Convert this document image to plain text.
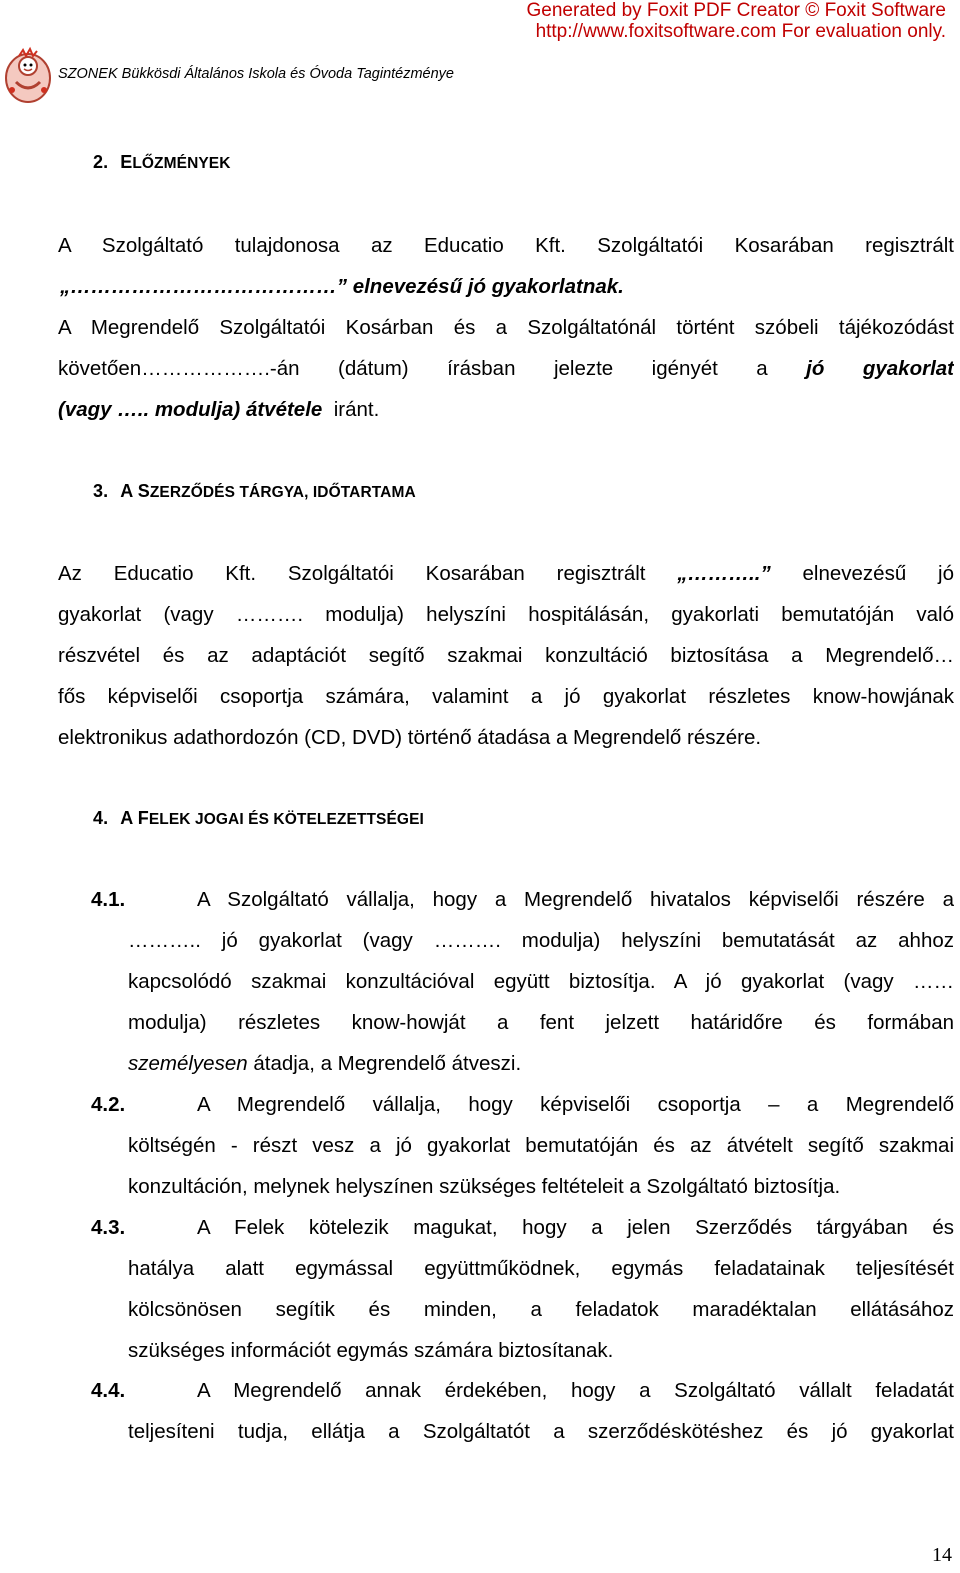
Generated by Foxit PDF Creator © Foxit Software
http://www.foxitsoftware.com For evaluation only.
SZONEK Bükkösdi Általános Iskola és Óvoda Tagintézménye
2. ELŐZMÉNYEK
A Szolgáltató tulajdonosa az Educatio Kft. Szolgáltatói Kosarában regisztrált
„…………………………………” elnevezésű jó gyakorlatnak.
A Megrendelő Szolgáltatói Kosárban és a Szolgáltatónál történt szóbeli tájékozódást
követően……………….-án (dátum) írásban jelezte igényét a jó gyakorlat
(vagy ….. modulja) átvétele iránt.
3. A SZERZŐDÉS TÁRGYA, IDŐTARTAMA
Az Educatio Kft. Szolgáltatói Kosarában regisztrált „………..” elnevezésű jó
gyakorlat (vagy ………. modulja) helyszíni hospitálásán, gyakorlati bemutatóján való
részvétel és az adaptációt segítő szakmai konzultáció biztosítása a Megrendelő…
fős képviselői csoportja számára, valamint a jó gyakorlat részletes know-howjának
elektronikus adathordozón (CD, DVD) történő átadása a Megrendelő részére.
4. A FELEK JOGAI ÉS KÖTELEZETTSÉGEI
4.1.	A Szolgáltató vállalja, hogy a Megrendelő hivatalos képviselői részére a
……….. jó gyakorlat (vagy ………. modulja) helyszíni bemutatását az ahhoz
kapcsolódó szakmai konzultációval együtt biztosítja. A jó gyakorlat (vagy ……
modulja) részletes know-howját a fent jelzett határidőre és formában
személyesen átadja, a Megrendelő átveszi.
4.2.	A Megrendelő vállalja, hogy képviselői csoportja – a Megrendelő
költségén - részt vesz a jó gyakorlat bemutatóján és az átvételt segítő szakmai
konzultáción, melynek helyszínen szükséges feltételeit a Szolgáltató biztosítja.
4.3.	A Felek kötelezik magukat, hogy a jelen Szerződés tárgyában és
hatálya alatt egymással együttműködnek, egymás feladatainak teljesítését
kölcsönösen segítik és minden, a feladatok maradéktalan ellátásához
szükséges információt egymás számára biztosítanak.
4.4.	A Megrendelő annak érdekében, hogy a Szolgáltató vállalt feladatát
teljesíteni tudja, ellátja a Szolgáltatót a szerződéskötéshez és jó gyakorlat
14
